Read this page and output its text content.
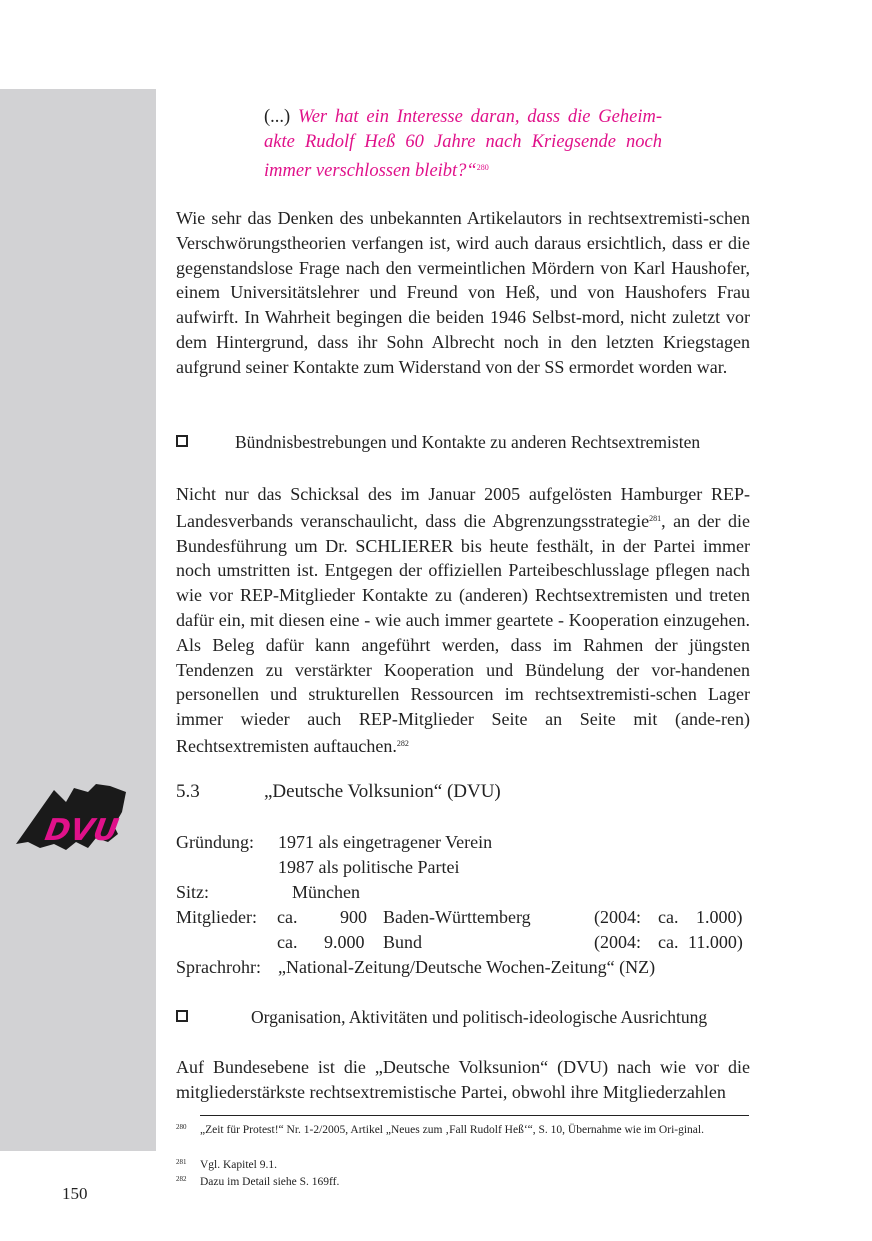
DVU
150
(...) Wer hat ein Interesse daran, dass die Geheim-akte Rudolf Heß 60 Jahre nach Kriegsende noch immer verschlossen bleibt?“$^{280}$

Wie sehr das Denken des unbekannten Artikelautors in rechtsextremisti-schen Verschwörungstheorien verfangen ist, wird auch daraus ersichtlich, dass er die gegenstandslose Frage nach den vermeintlichen Mördern von Karl Haushofer, einem Universitätslehrer und Freund von Heß, und von Haushofers Frau aufwirft. In Wahrheit begingen die beiden 1946 Selbst-mord, nicht zuletzt vor dem Hintergrund, dass ihr Sohn Albrecht noch in den letzten Kriegstagen aufgrund seiner Kontakte zum Widerstand von der SS ermordet worden war.

Bündnisbestrebungen und Kontakte zu anderen Rechtsextremisten

Nicht nur das Schicksal des im Januar 2005 aufgelösten Hamburger REP-Landesverbands veranschaulicht, dass die Abgrenzungsstrategie$^{281}$, an der die Bundesführung um Dr. SCHLIERER bis heute festhält, in der Partei immer noch umstritten ist. Entgegen der offiziellen Parteibeschlusslage pflegen nach wie vor REP-Mitglieder Kontakte zu (anderen) Rechtsextremisten und treten dafür ein, mit diesen eine - wie auch immer geartete - Kooperation einzugehen. Als Beleg dafür kann angeführt werden, dass im Rahmen der jüngsten Tendenzen zu verstärkter Kooperation und Bündelung der vor-handenen personellen und strukturellen Ressourcen im rechtsextremisti-schen Lager immer wieder auch REP-Mitglieder Seite an Seite mit (ande-ren) Rechtsextremisten auftauchen.$^{282}$

5.3	„Deutsche Volksunion“ (DVU)
Gründung: 1971 als eingetragener Verein
1987 als politische Partei
Sitz:	München
Mitglieder: ca. 900 Baden-Württemberg	(2004: ca. 1.000)
ca. 9.000 Bund	(2004: ca. 11.000)
Sprachrohr: „National-Zeitung/Deutsche Wochen-Zeitung“ (NZ)
Organisation, Aktivitäten und politisch-ideologische Ausrichtung

Auf Bundesebene ist die „Deutsche Volksunion“ (DVU) nach wie vor die mitgliederstärkste rechtsextremistische Partei, obwohl ihre Mitgliederzahlen

280 „Zeit für Protest!“ Nr. 1-2/2005, Artikel „Neues zum ‚Fall Rudolf Heß‘“, S. 10, Übernahme wie im Ori-ginal.
281 Vgl. Kapitel 9.1.
282 Dazu im Detail siehe S. 169ff.
